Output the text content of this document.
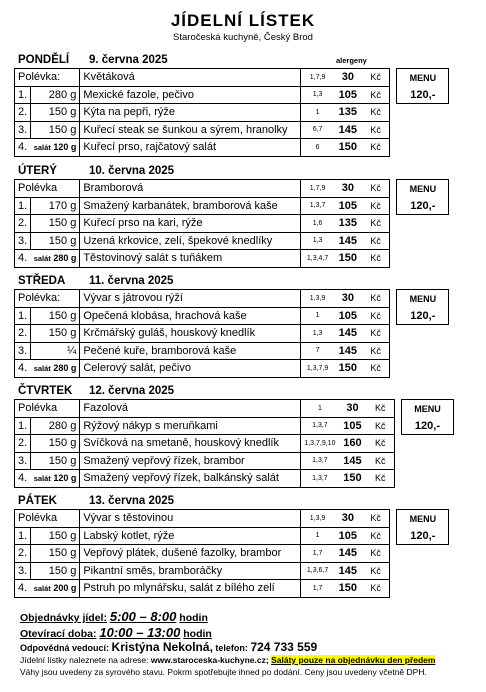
JÍDELNÍ LÍSTEK
Staročeská kuchyně, Český Brod
PONDĚLÍ 9. června 2025	alergeny
Polévka:		Květáková	1,7,9	30	Kč		MENU
1.	280 g	Mexické fazole, pečivo	1,3	105	Kč		120,-
2.	150 g	Kýta na pepři, rýže	1	135	Kč		
3.	150 g	Kuřecí steak se šunkou a sýrem, hranolky	6,7	145	Kč		
4.	salát 120 g	Kuřecí prso, rajčatový salát	6	150	Kč		
ÚTERÝ	10. června 2025
Polévka		Bramborová	1,7,9	30	Kč		MENU
1.	170 g	Smažený karbanátek, bramborová kaše	1,3,7	105	Kč		120,-
2.	150 g	Kuřecí prso na kari, rýže	1,6	135	Kč		
3.	150 g	Uzená krkovice, zelí, špekové knedlíky	1,3	145	Kč		
4.	salát 280 g	Těstovinový salát s tuňákem	1,3,4,7	150	Kč		
STŘEDA 11. června 2025
Polévka:		Vývar s játrovou rýží	1,3,9	30	Kč		MENU
1.	150 g	Opečená klobása, hrachová kaše	1	105	Kč		120,-
2.	150 g	Krčmářský guláš, houskový knedlík	1,3	145	Kč		
3.	¼	Pečené kuře, bramborová kaše	7	145	Kč		
4.	salát 280 g	Celerový salát, pečivo	1,3,7,9	150	Kč		
ČTVRTEK 12. června 2025
Polévka		Fazolová	1	30	Kč		MENU
1.	280 g	Rýžový nákyp s meruňkami	1,3,7	105	Kč		120,-
2.	150 g	Svíčková na smetaně, houskový knedlík	1,3,7,9,10	160	Kč		
3.	150 g	Smažený vepřový řízek, brambor	1,3,7	145	Kč		
4.	salát 120 g	Smažený vepřový řízek, balkánský salát	1,3,7	150	Kč		
PÁTEK	13. června 2025
Polévka		Vývar s těstovinou	1,3,9	30	Kč		MENU
1.	150 g	Labský kotlet, rýže	1	105	Kč		120,-
2.	150 g	Vepřový plátek, dušené fazolky, brambor	1,7	145	Kč		
3.	150 g	Pikantní směs, bramboráčky	1,3,6,7	145	Kč		
4.	salát 200 g	Pstruh po mlynářsku, salát z bílého zelí	1,7	150	Kč		
Objednávky jídel: 5:00 – 8:00 hodin
Otevírací doba: 10:00 – 13:00 hodin
Odpovědná vedoucí: Kristýna Nekolná, telefon: 724 733 559
Jídelní lístky naleznete na adrese: www.staroceska-kuchyne.cz; Saláty pouze na objednávku den předem
Váhy jsou uvedeny za syrového stavu. Pokrm spotřebujte ihned po dodání. Ceny jsou uvedeny včetně DPH.
